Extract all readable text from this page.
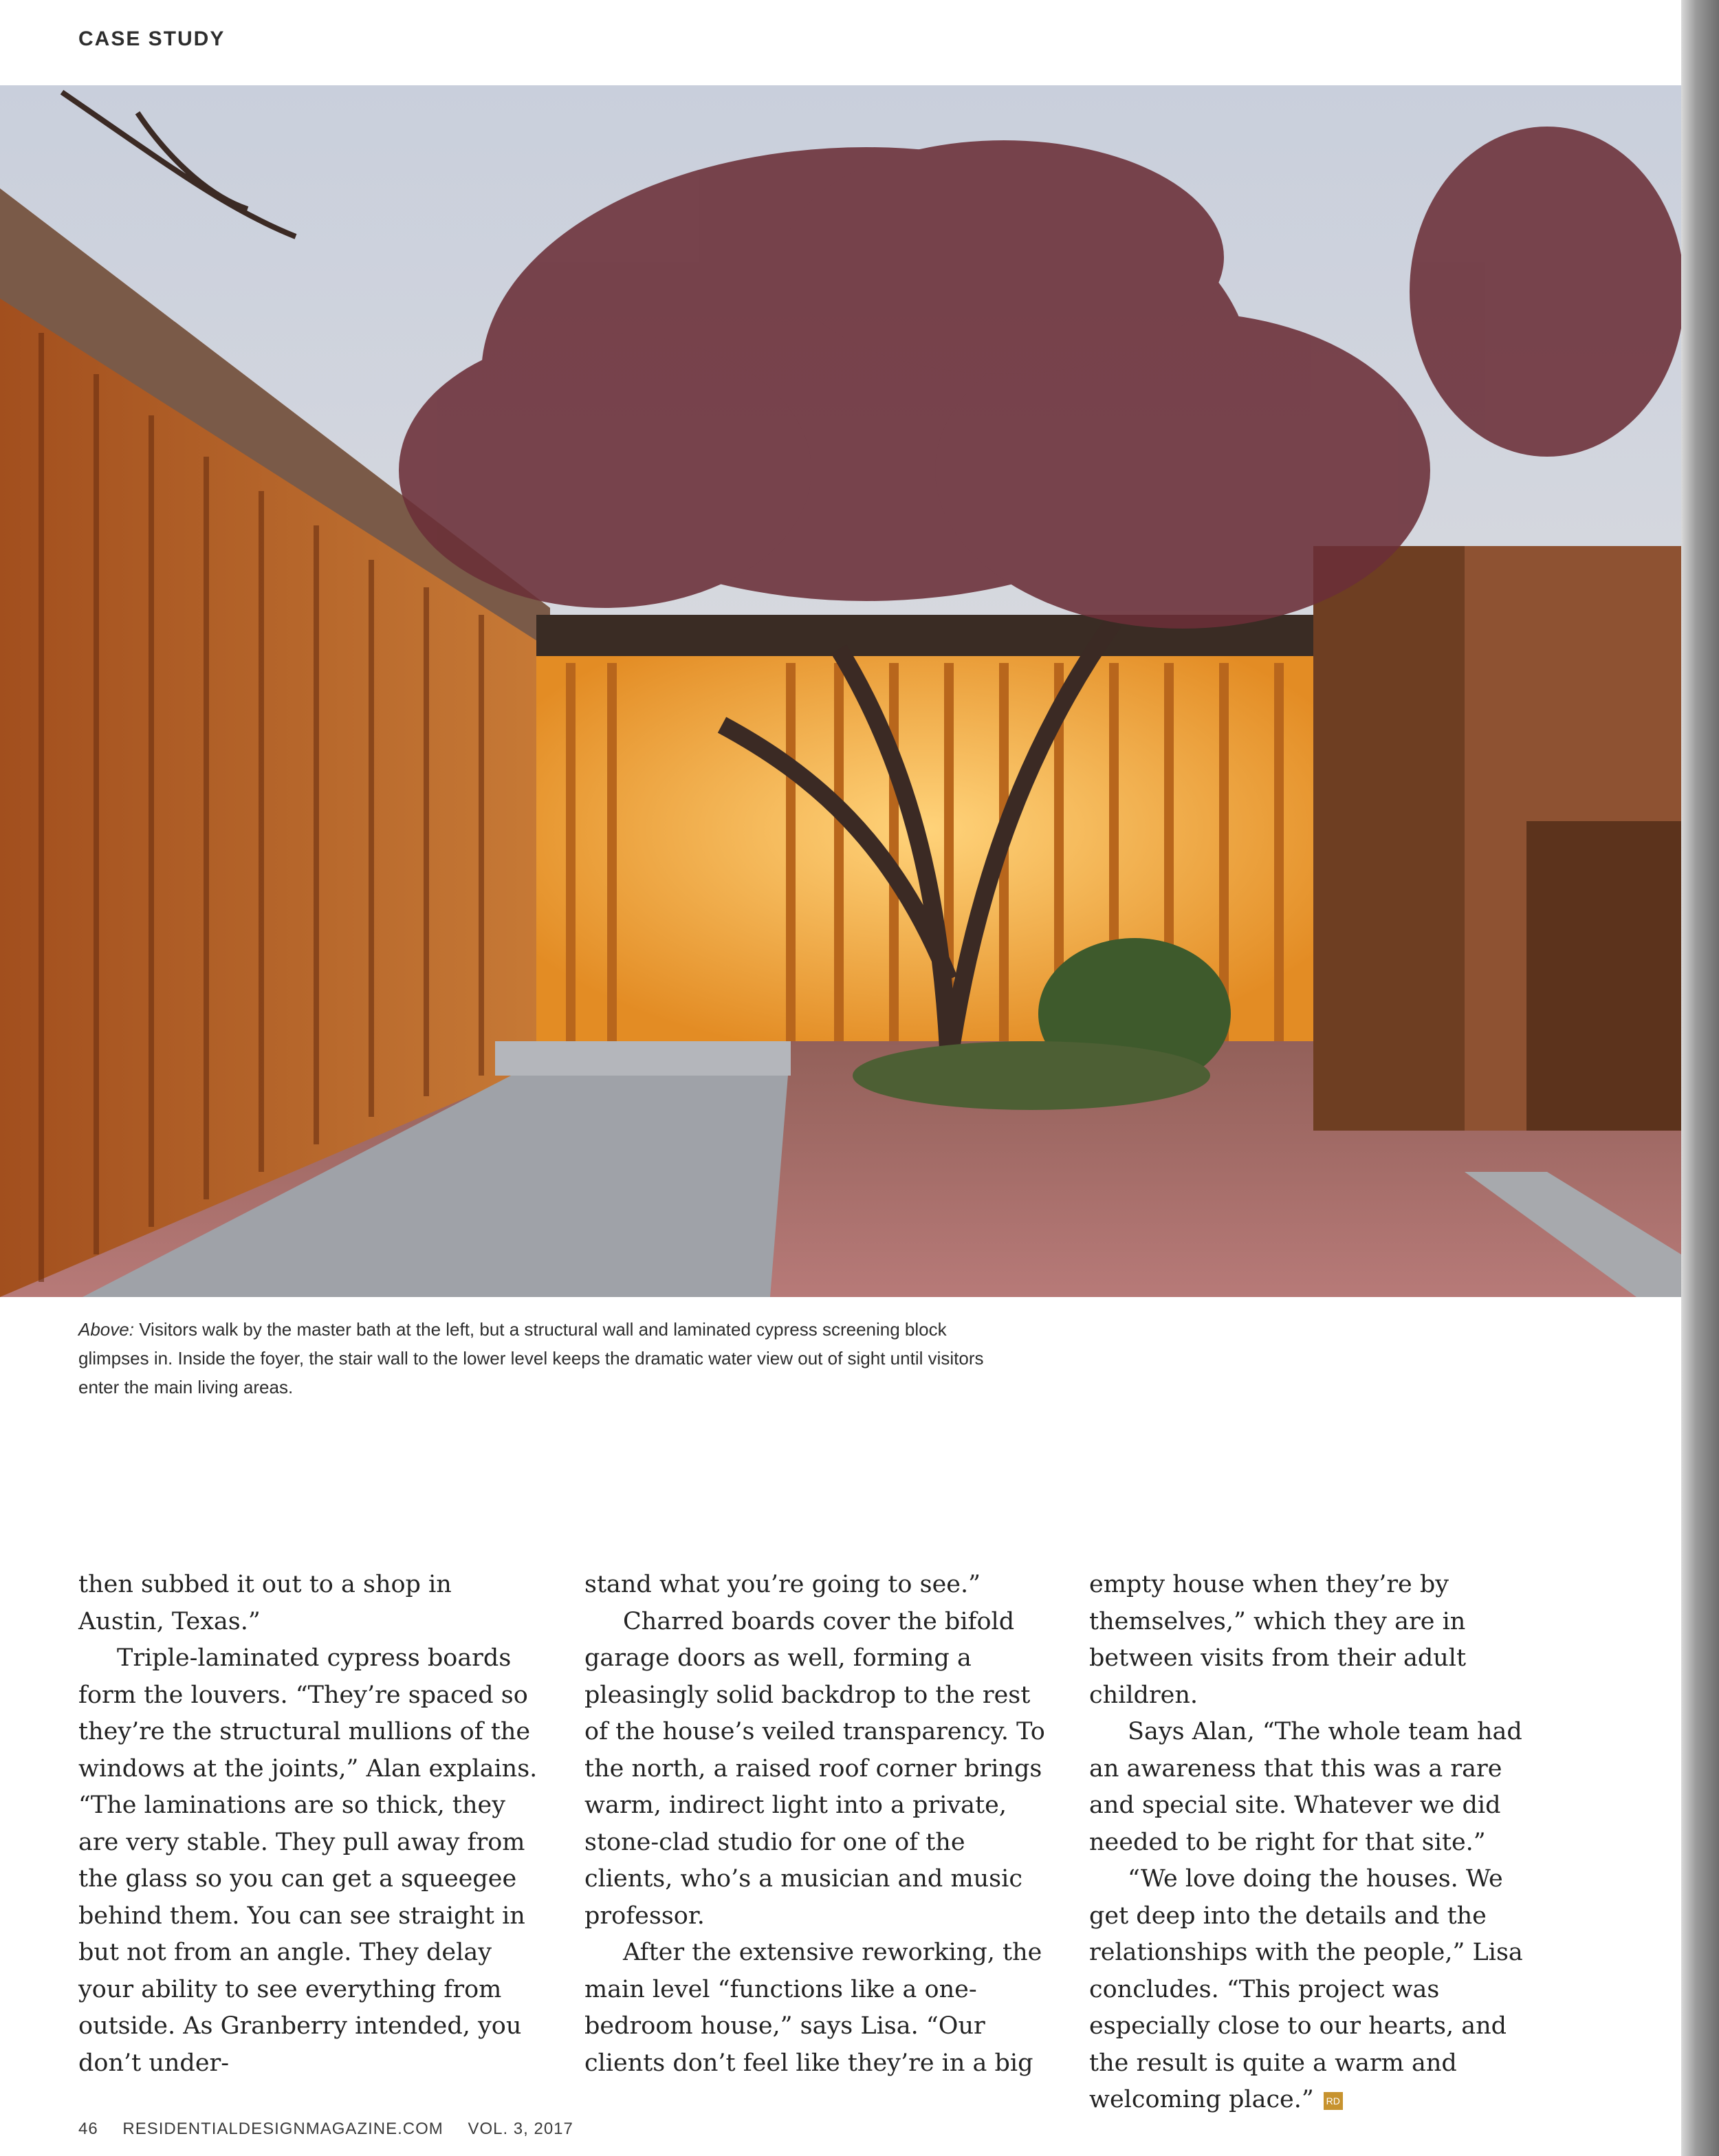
CASE STUDY
Above: Visitors walk by the master bath at the left, but a structural wall and laminated cypress screening block glimpses in. Inside the foyer, the stair wall to the lower level keeps the dramatic water view out of sight until visitors enter the main living areas.

then subbed it out to a shop in Austin, Texas.”

Triple-laminated cypress boards form the louvers. “They’re spaced so they’re the structural mullions of the windows at the joints,” Alan explains. “The laminations are so thick, they are very stable. They pull away from the glass so you can get a squeegee behind them. You can see straight in but not from an angle. They delay your ability to see everything from outside. As Granberry intended, you don’t under-

stand what you’re going to see.”

Charred boards cover the bifold garage doors as well, forming a pleasingly solid backdrop to the rest of the house’s veiled transparency. To the north, a raised roof corner brings warm, indirect light into a private, stone-clad studio for one of the clients, who’s a musician and music professor.

After the extensive reworking, the main level “functions like a one-bedroom house,” says Lisa. “Our clients don’t feel like they’re in a big

empty house when they’re by themselves,” which they are in between visits from their adult children.

Says Alan, “The whole team had an awareness that this was a rare and special site. Whatever we did needed to be right for that site.”

“We love doing the houses. We get deep into the details and the relationships with the people,” Lisa concludes. “This project was especially close to our hearts, and the result is quite a warm and welcoming place.” RD

46 RESIDENTIALDESIGNMAGAZINE.COM VOL. 3, 2017
